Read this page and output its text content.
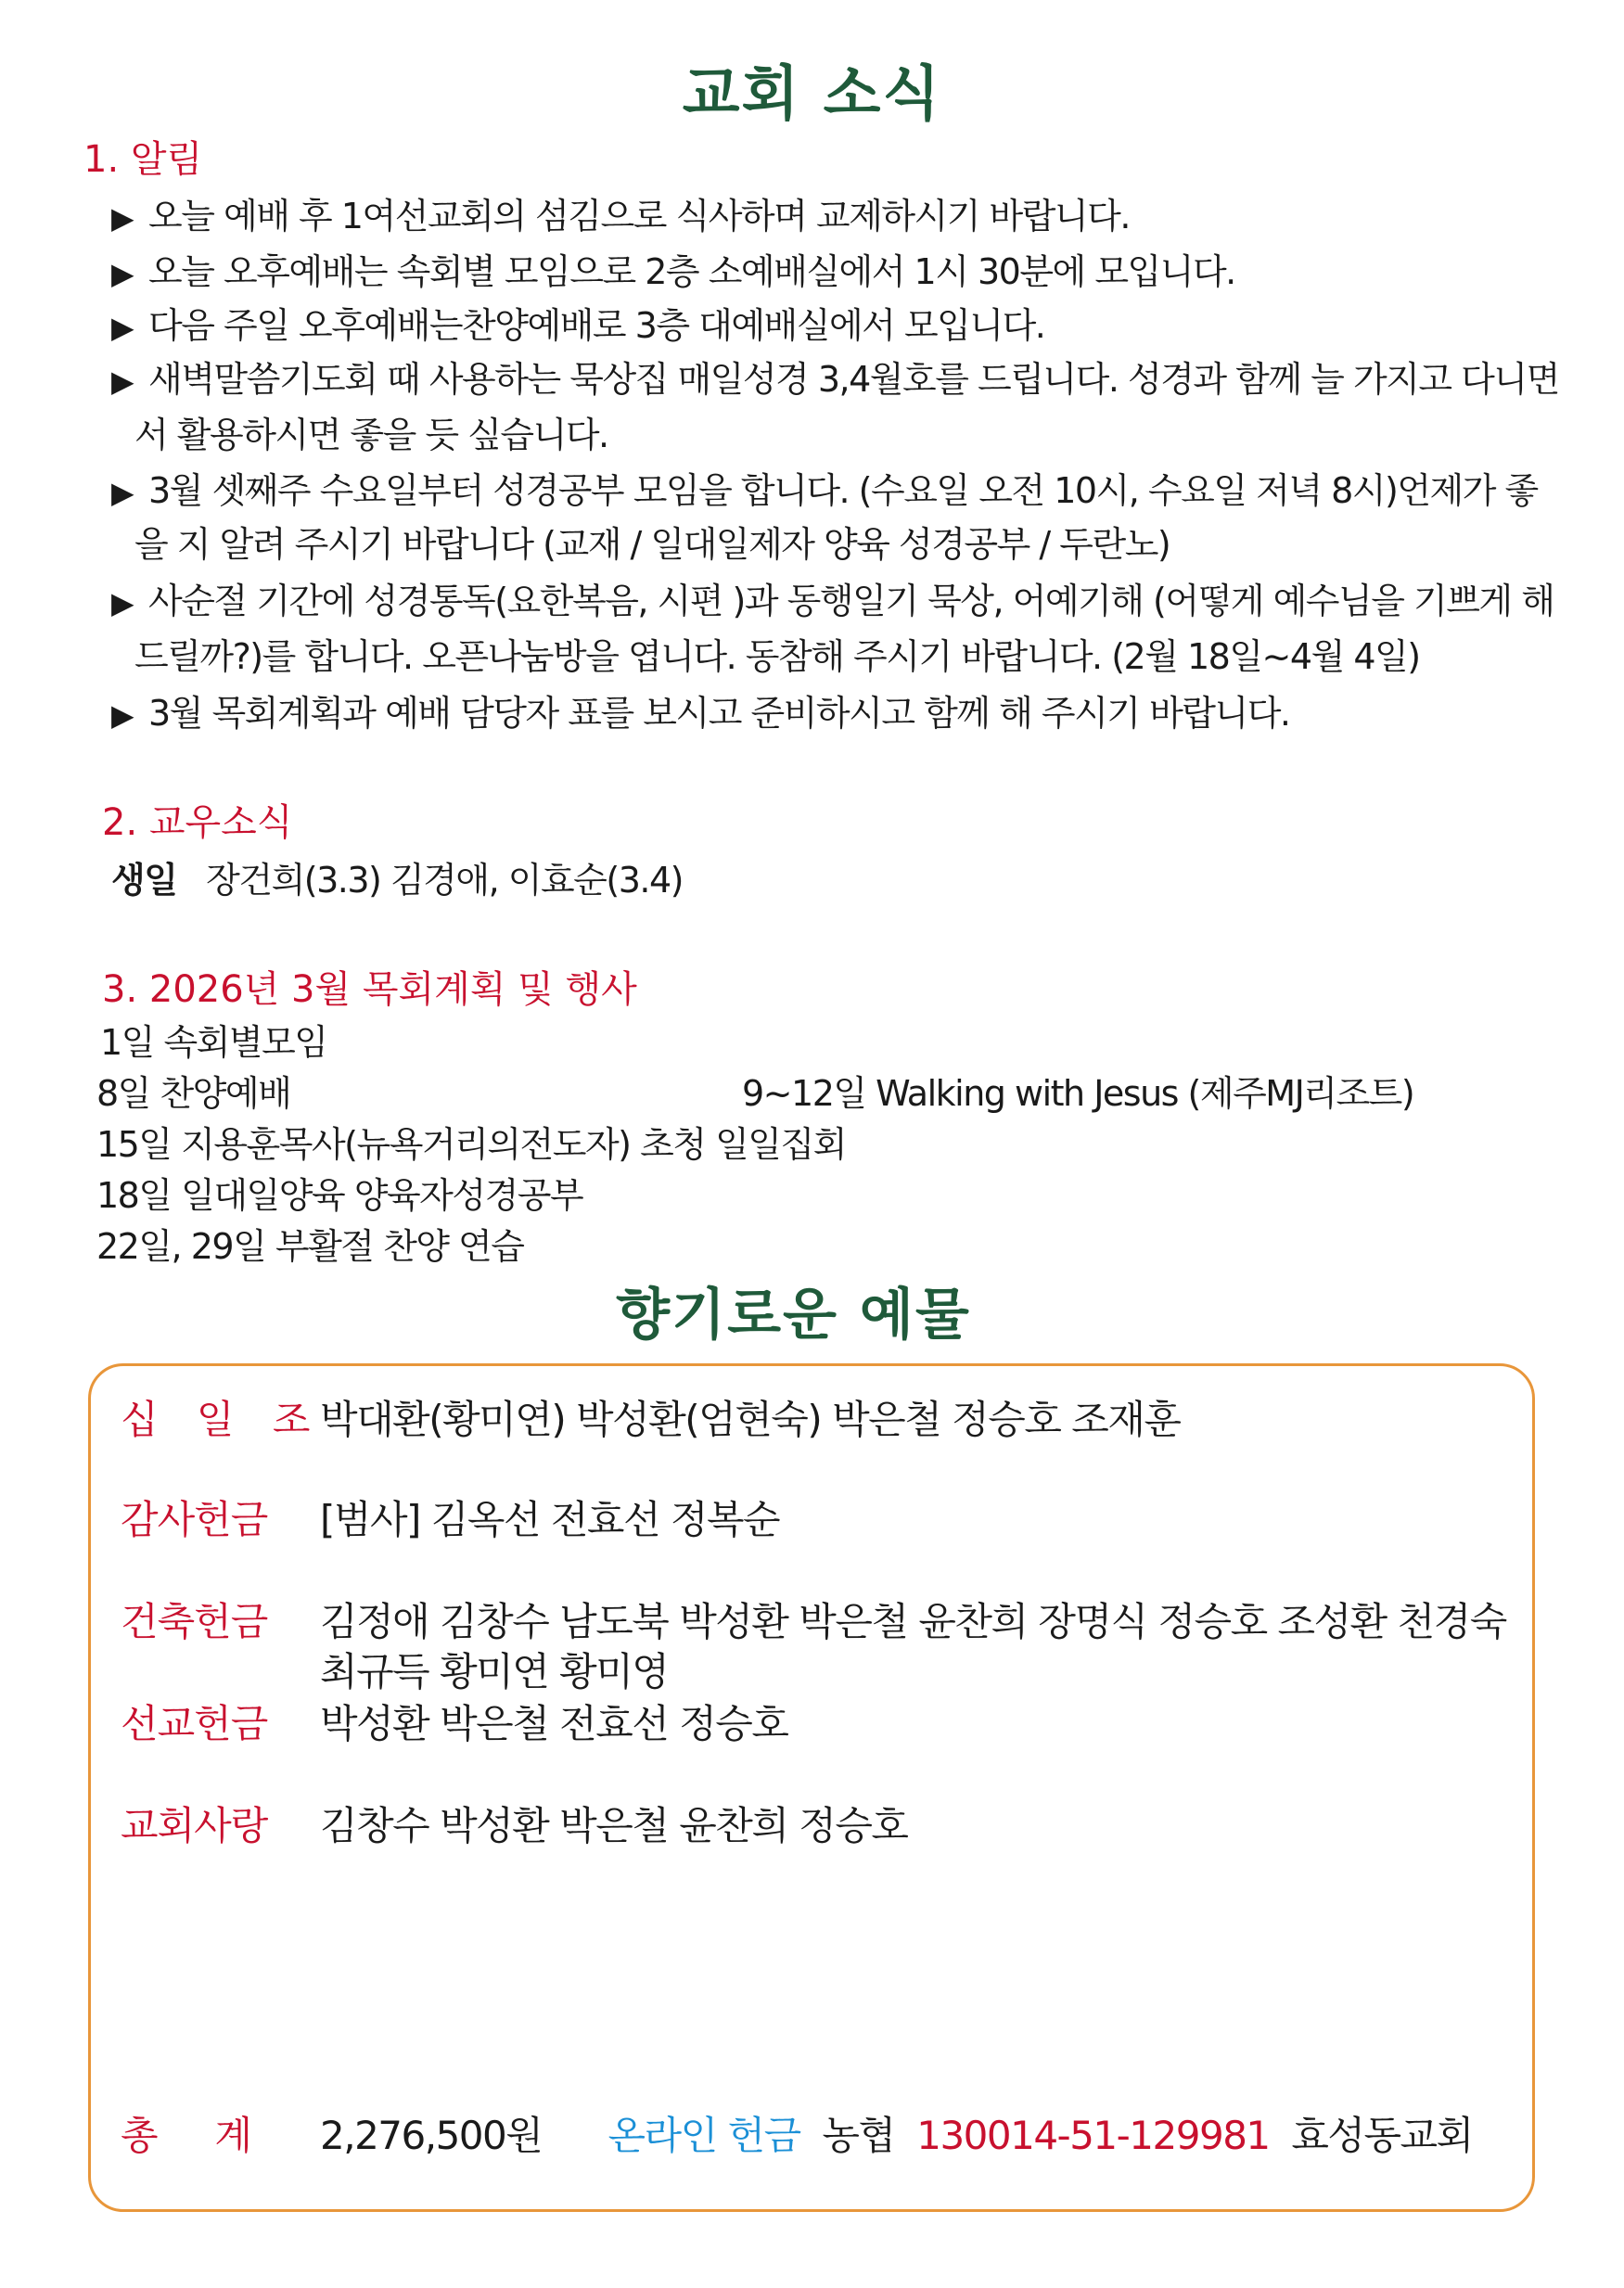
교회 소식
1. 알림
▶ 오늘 예배 후 1여선교회의 섬김으로 식사하며 교제하시기 바랍니다.
▶ 오늘 오후예배는 속회별 모임으로 2층 소예배실에서 1시 30분에 모입니다.
▶ 다음 주일 오후예배는찬양예배로 3층 대예배실에서 모입니다.
▶ 새벽말씀기도회 때 사용하는 묵상집 매일성경 3,4월호를 드립니다. 성경과 함께 늘 가지고 다니면
서 활용하시면 좋을 듯 싶습니다.
▶ 3월 셋째주 수요일부터 성경공부 모임을 합니다. (수요일 오전 10시, 수요일 저녁 8시)언제가 좋
을 지 알려 주시기 바랍니다 (교재 / 일대일제자 양육 성경공부 / 두란노)
▶ 사순절 기간에 성경통독(요한복음, 시편 )과 동행일기 묵상, 어예기해 (어떻게 예수님을 기쁘게 해
드릴까?)를 합니다. 오픈나눔방을 엽니다. 동참해 주시기 바랍니다. (2월 18일~4월 4일)
▶ 3월 목회계획과 예배 담당자 표를 보시고 준비하시고 함께 해 주시기 바랍니다.
2. 교우소식
생일 장건희(3.3) 김경애, 이효순(3.4)
3. 2026년 3월 목회계획 및 행사
1일 속회별모임
8일 찬양예배	9~12일 Walking with Jesus (제주MJ리조트)
15일 지용훈목사(뉴욕거리의전도자) 초청 일일집회
18일 일대일양육 양육자성경공부
22일, 29일 부활절 찬양 연습
향기로운 예물
십 일 조
박대환(황미연) 박성환(엄현숙) 박은철 정승호 조재훈
감사헌금 [범사] 김옥선 전효선 정복순
건축헌금 김정애 김창수 남도북 박성환 박은철 윤찬희 장명식 정승호 조성환 천경숙
최규득 황미연 황미영
선교헌금 박성환 박은철 전효선 정승호
교회사랑 김창수 박성환 박은철 윤찬희 정승호
총     계 2,276,500원 온라인 헌금 농협 130014-51-129981 효성동교회
